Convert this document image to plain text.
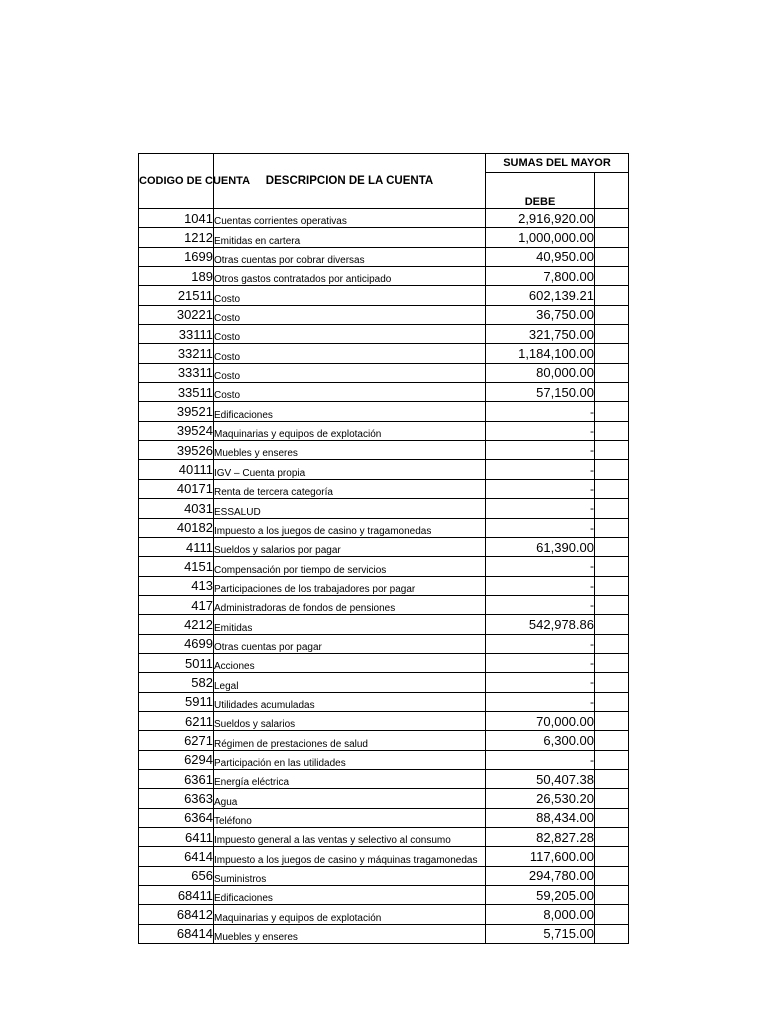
CODIGO DE CUENTA	DESCRIPCION DE LA CUENTA	SUMAS DEL MAYOR	
		DEBE	
1041	Cuentas corrientes operativas	2,916,920.00	
1212	Emitidas en cartera	1,000,000.00	
1699	Otras cuentas por cobrar diversas	40,950.00	
189	Otros gastos contratados por anticipado	7,800.00	
21511	Costo	602,139.21	
30221	Costo	36,750.00	
33111	Costo	321,750.00	
33211	Costo	1,184,100.00	
33311	Costo	80,000.00	
33511	Costo	57,150.00	
39521	Edificaciones	-	
39524	Maquinarias y equipos de explotación	-	
39526	Muebles y enseres	-	
40111	IGV – Cuenta propia	-	
40171	Renta de tercera categoría	-	
4031	ESSALUD	-	
40182	Impuesto a los juegos de casino y tragamonedas	-	
4111	Sueldos y salarios por pagar	61,390.00	
4151	Compensación por tiempo de servicios	-	
413	Participaciones de los trabajadores por pagar	-	
417	Administradoras de fondos de pensiones	-	
4212	Emitidas	542,978.86	
4699	Otras cuentas por pagar	-	
5011	Acciones	-	
582	Legal	-	
5911	Utilidades acumuladas	-	
6211	Sueldos y salarios	70,000.00	
6271	Régimen de prestaciones de salud	6,300.00	
6294	Participación en las utilidades	-	
6361	Energía eléctrica	50,407.38	
6363	Agua	26,530.20	
6364	Teléfono	88,434.00	
6411	Impuesto general a las ventas y selectivo al consumo	82,827.28	
6414	Impuesto a los juegos de casino y máquinas tragamonedas	117,600.00	
656	Suministros	294,780.00	
68411	Edificaciones	59,205.00	
68412	Maquinarias y equipos de explotación	8,000.00	
68414	Muebles y enseres	5,715.00	
